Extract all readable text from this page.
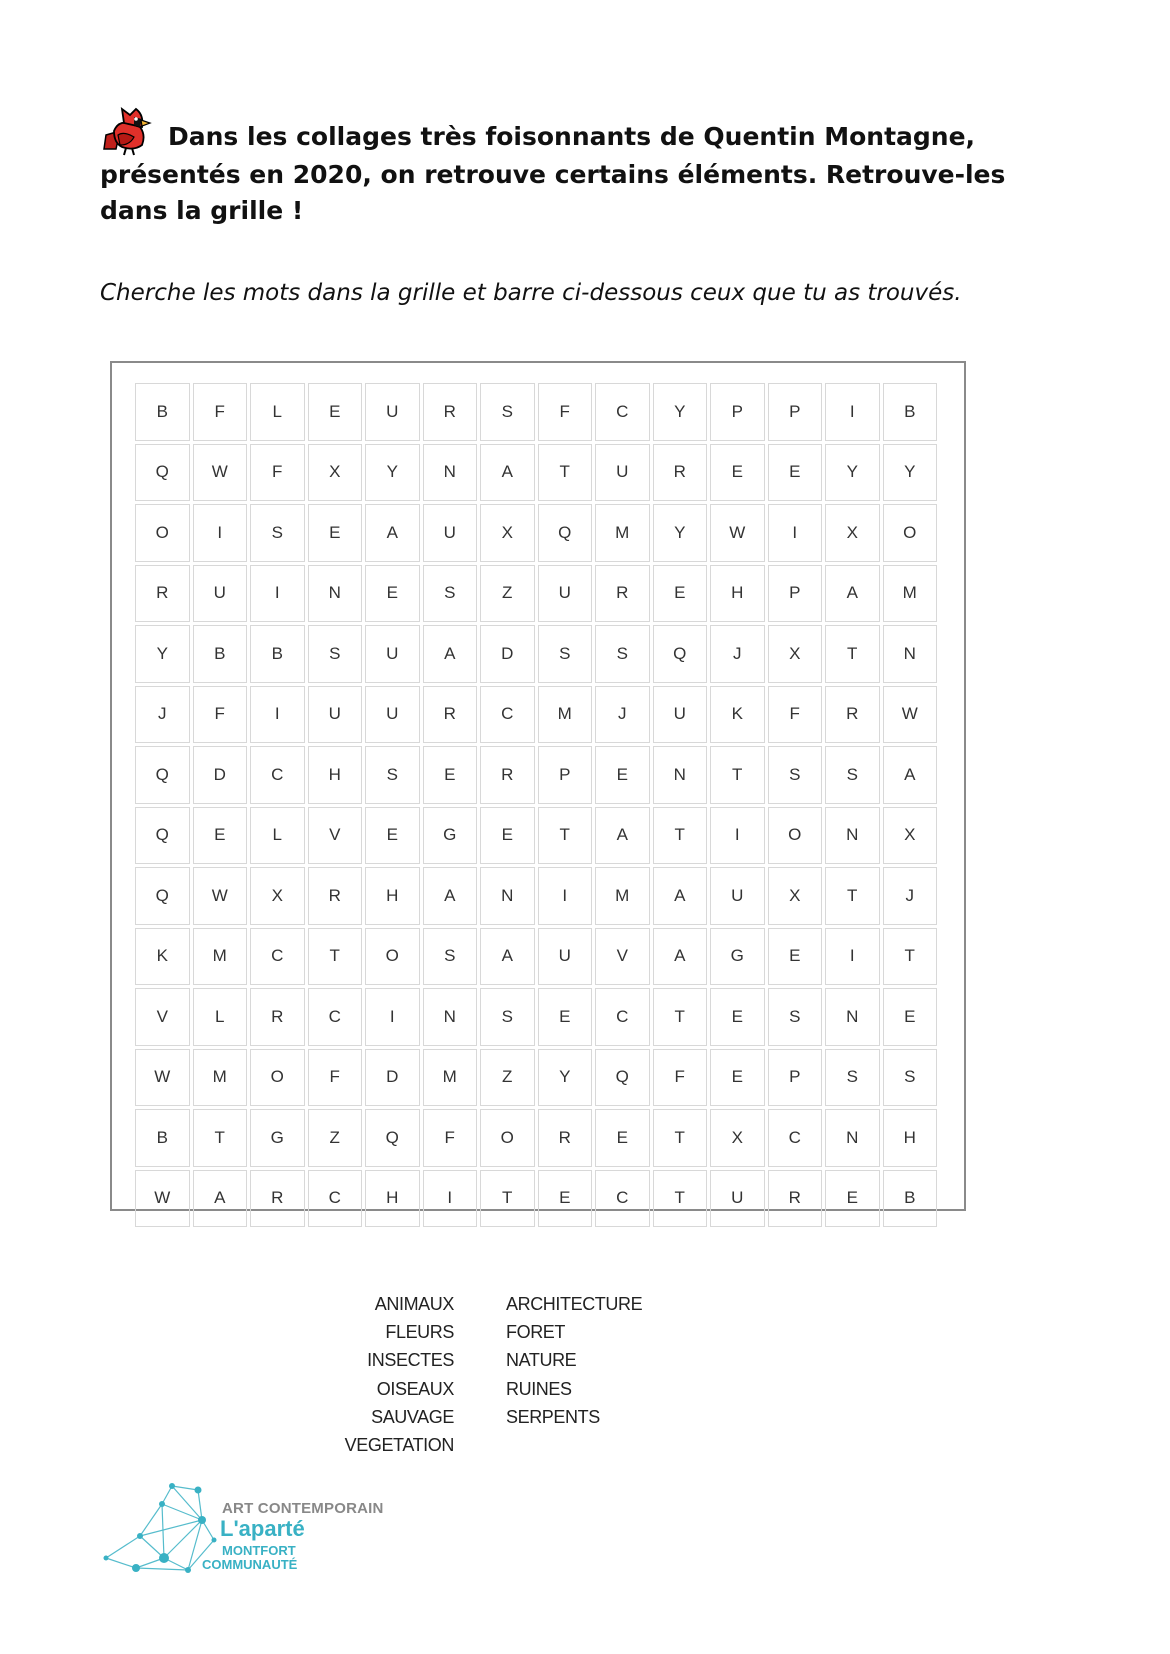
Dans les collages très foisonnants de Quentin Montagne,
présentés en 2020, on retrouve certains éléments. Retrouve-les
dans la grille !

Cherche les mots dans la grille et barre ci-dessous ceux que tu as trouvés.

B	F	L	E	U	R	S	F	C	Y	P	P	I	B
Q	W	F	X	Y	N	A	T	U	R	E	E	Y	Y
O	I	S	E	A	U	X	Q	M	Y	W	I	X	O
R	U	I	N	E	S	Z	U	R	E	H	P	A	M
Y	B	B	S	U	A	D	S	S	Q	J	X	T	N
J	F	I	U	U	R	C	M	J	U	K	F	R	W
Q	D	C	H	S	E	R	P	E	N	T	S	S	A
Q	E	L	V	E	G	E	T	A	T	I	O	N	X
Q	W	X	R	H	A	N	I	M	A	U	X	T	J
K	M	C	T	O	S	A	U	V	A	G	E	I	T
V	L	R	C	I	N	S	E	C	T	E	S	N	E
W	M	O	F	D	M	Z	Y	Q	F	E	P	S	S
B	T	G	Z	Q	F	O	R	E	T	X	C	N	H
W	A	R	C	H	I	T	E	C	T	U	R	E	B
ANIMAUX
FLEURS
INSECTES
OISEAUX
SAUVAGE
VEGETATION
ARCHITECTURE
FORET
NATURE
RUINES
SERPENTS
ART CONTEMPORAIN
L'aparté
MONTFORT
COMMUNAUTÉ
